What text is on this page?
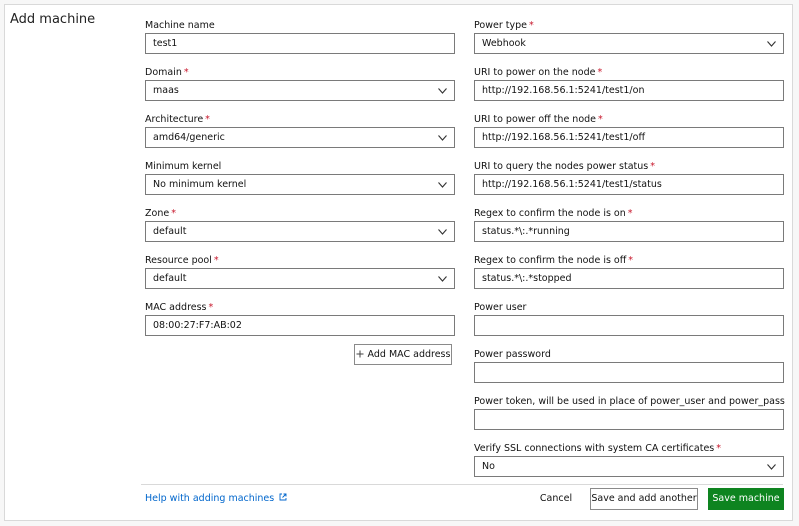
Add machine	Machine name
test1
Domain *
maas
Architecture *
amd64/generic
Minimum kernel
No minimum kernel
Zone *
default
Resource pool *
default
MAC address *
08:00:27:F7:AB:02
Add MAC address
Power type *
Webhook
URI to power on the node *
http://192.168.56.1:5241/test1/on
URI to power off the node *
http://192.168.56.1:5241/test1/off
URI to query the nodes power status *
http://192.168.56.1:5241/test1/status
Regex to confirm the node is on *
status.*\:.*running
Regex to confirm the node is off *
status.*\:.*stopped
Power user
Power password
Power token, will be used in place of power_user and power_pass
Verify SSL connections with system CA certificates *
No
Help with adding machines	Cancel	Save and add another	Save machine
